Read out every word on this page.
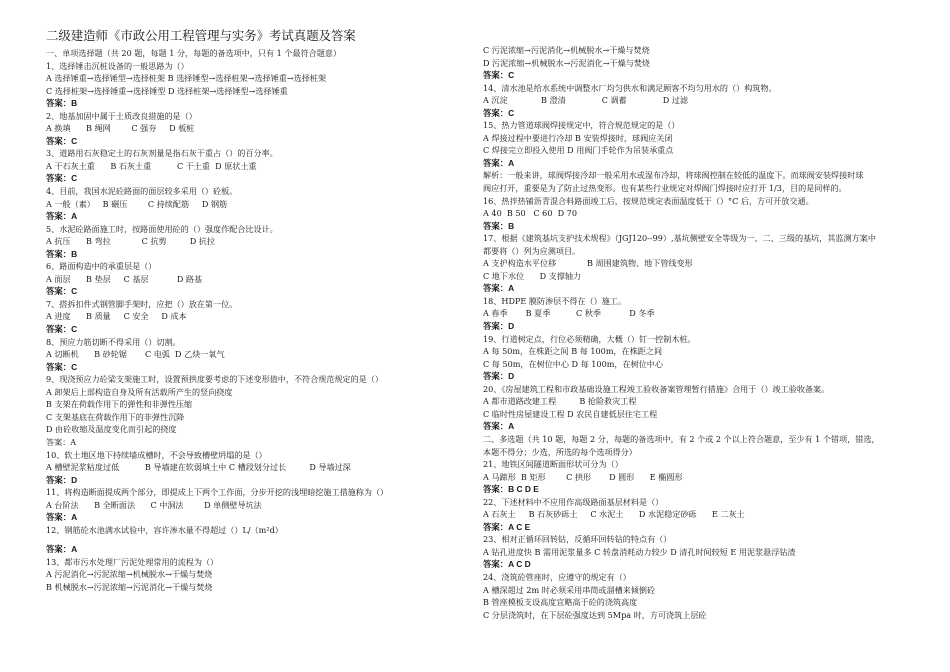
二级建造师《市政公用工程管理与实务》考试真题及答案
一、单项选择题（共 20 题，每题 1 分，每题的备选项中，只有 1 个最符合题意）
1、选择锤击沉桩设备的一般思路为（）
A 选择锤重→选择锤型→选择桩架 B 选择锤型→选择桩架→选择锤重→选择桩架
C 选择桩架→选择锤重→选择锤型 D 选择桩架→选择锤型→选择锤重
答案：B
2、地基加固中属于土质改良措施的是（）
A 换填      B 绳网        C 强夯     D 板桩
答案：C
3、道路用石灰稳定土的石灰剂量是指石灰干重占（）的百分率。
A 干石灰土重      B 石灰土重          C 干土重  D 原状土重
答案：C
4、目前，我国水泥砼路面的面层较多采用（）砼板。
A 一般（素）   B 碾压        C 持续配筋     D 钢筋
答案：A
5、水泥砼路面施工时，按路面使用砼的（）强度作配合比设计。
A 抗压      B 弯拉            C 抗剪         D 抗拉
答案：B
6、路面构造中的承重层是（）
A 面层      B 垫层     C 基层           D 路基
答案：C
7、搭拆扣件式钢管脚手架时，应把（）放在第一位。
A 进度      B 质量     C 安全     D 成本
答案：C
8、预应力筋切断不得采用（）切割。
A 切断机      B 砂轮锯       C 电弧  D 乙炔一氧气
答案：C
9、现浇预应力砼梁支架施工时，设置预拱度要考虑的下述变形值中，不符合规范规定的是（）
A 卸架后上部构造自身及所有活载所产生的竖向挠度
B 支架在荷载作用下的弹性和非弹性压缩
C 支架基底在荷载作用下的非弹性沉降
D 由砼收缩及温度变化而引起的挠度
答案：A
10、软土地区地下持续墙成槽时，不会导致槽壁坍塌的是（）
A 槽壁泥浆粘度过低          B 导墙建在软弱填土中 C 槽段划分过长         D 导墙过深
答案：D
11、将构造断面提成两个部分，即提成上下两个工作面，分步开挖的浅埋暗挖施工措施称为（）
A 台阶法      B 全断面法      C 中洞法        D 单侧壁导坑法
答案：A
12、钢筋砼水池满水试验中，容许渗水量不得超过（）L/（m²d）
答案：A
13、都市污水处理厂污泥处理常用的流程为（）
A 污泥消化→污泥浓缩→机械脱水→干燥与焚烧
B 机械脱水→污泥浓缩→污泥消化→干燥与焚烧
C 污泥浓缩→污泥消化→机械脱水→干燥与焚烧
D 污泥浓缩→机械脱水→污泥消化→干燥与焚烧
答案：C
14、清水池是给水系统中调整水厂均匀供水和满足顾客不均匀用水的（）构筑物。
A 沉淀             B 澄清              C 调蓄              D 过滤
答案：C
15、热力管道球阀焊接规定中，符合规范规定的是（）
A 焊接过程中要进行冷却 B 安装焊接时，球阀应关闭
C 焊接完立即投入使用 D 用阀门手轮作为吊装承重点
答案：A
解析：一般来讲，球阀焊接冷却一般采用水或湿布冷却，将球阀控制在较低的温度下。而球阀安装焊接时球
阀应打开，重要是为了防止过热变形。也有某些行业规定对焊阀门焊接时应打开 1/3，目的是同样的。
16、热拌热铺沥青混合料路面竣工后，按规范规定表面温度低于（）°C 后，方可开放交通。
A 40  B 50   C 60  D 70
答案：B
17、根据《建筑基坑支护技术规程》（JGJ120--99）,基坑侧壁安全等级为一、二、三级的基坑，其监测方案中
都要将（）列为应测项目。
A 支护构造水平位移            B 周围建筑物、地下管线变形
C 地下水位      D 支撑轴力
答案：A
18、HDPE 膜防渗层不得在（）施工。
A 春季       B 夏季          C 秋季           D 冬季
答案：D
19、行道树定点，行位必须精确，大概（）钉一控制木桩。
A 每 50m，在株距之间 B 每 100m，在株距之间
C 每 50m，在树位中心 D 每 100m，在树位中心
答案：D
20、《房屋建筑工程和市政基础设施工程竣工验收备案管理暂行措施》合用于（）竣工验收备案。
A 都市道路改建工程         B 抢险救灾工程
C 临时性房屋建设工程 D 农民自建低层住宅工程
答案：A
二、多选题（共 10 题，每题 2 分，每题的备选项中，有 2 个或 2 个以上符合题意，至少有 1 个错项，错选，
本题不得分；少选，所选的每个选项得分）
21、地铁区间隧道断面形状可分为（）
A 马蹄形  B 矩形        C 拱形       D 圆形      E 椭圆形
答案：B C D E
22、下述材料中不应用作高级路面基层材料是（）
A 石灰土     B 石灰砂砾土     C 水泥土      D 水泥稳定砂砾      E 二灰土
答案：A C E
23、相对正循环回转钻，反循环回转钻的特点有（）
A 钻孔进度快 B 需用泥浆量多 C 转盘消耗动力较少 D 清孔时间较短 E 用泥浆悬浮钻渣
答案：A C D
24、浇筑砼管座时，应遵守的规定有（）
A 槽深超过 2m 时必须采用串筒或溜槽来倾倒砼
B 管座模板支设高度宜略高于砼的浇筑高度
C 分层浇筑时，在下层砼强度达到 5Mpa 时，方可浇筑上层砼
